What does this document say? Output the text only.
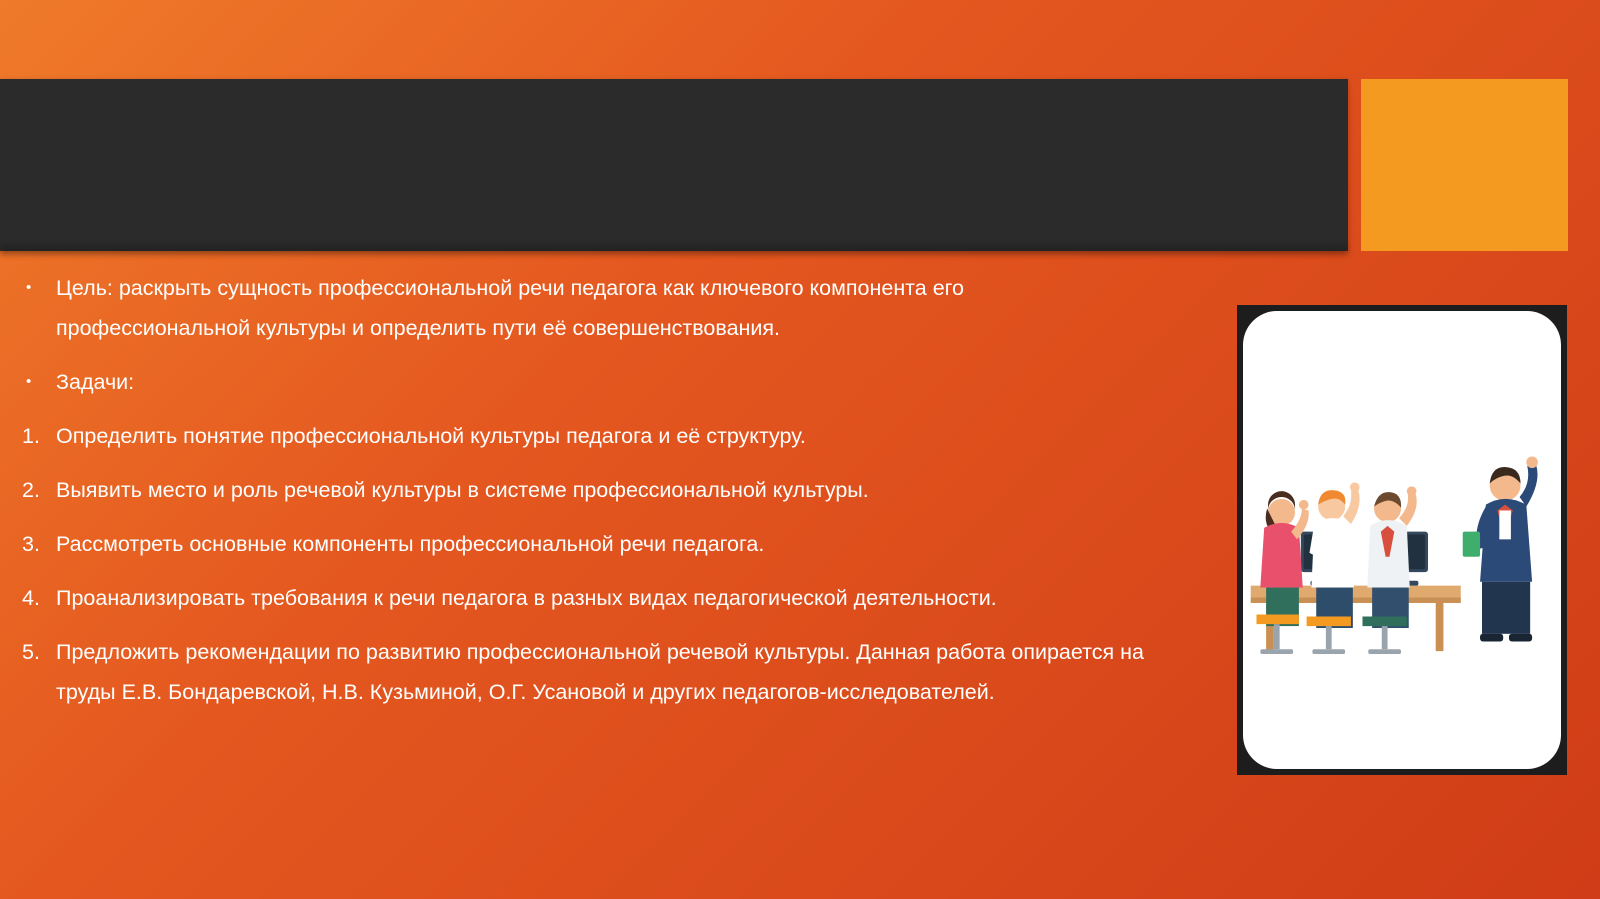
•	Цель: раскрыть сущность профессиональной речи педагога как ключевого компонента его профессиональной культуры и определить пути её совершенствования.
•	Задачи:
1. Определить понятие профессиональной культуры педагога и её структуру.
2. Выявить место и роль речевой культуры в системе профессиональной культуры.
3. Рассмотреть основные компоненты профессиональной речи педагога.
4. Проанализировать требования к речи педагога в разных видах педагогической деятельности.
5. Предложить рекомендации по развитию профессиональной речевой культуры. Данная работа опирается на труды Е.В. Бондаревской, Н.В. Кузьминой, О.Г. Усановой и других педагогов-исследователей.
